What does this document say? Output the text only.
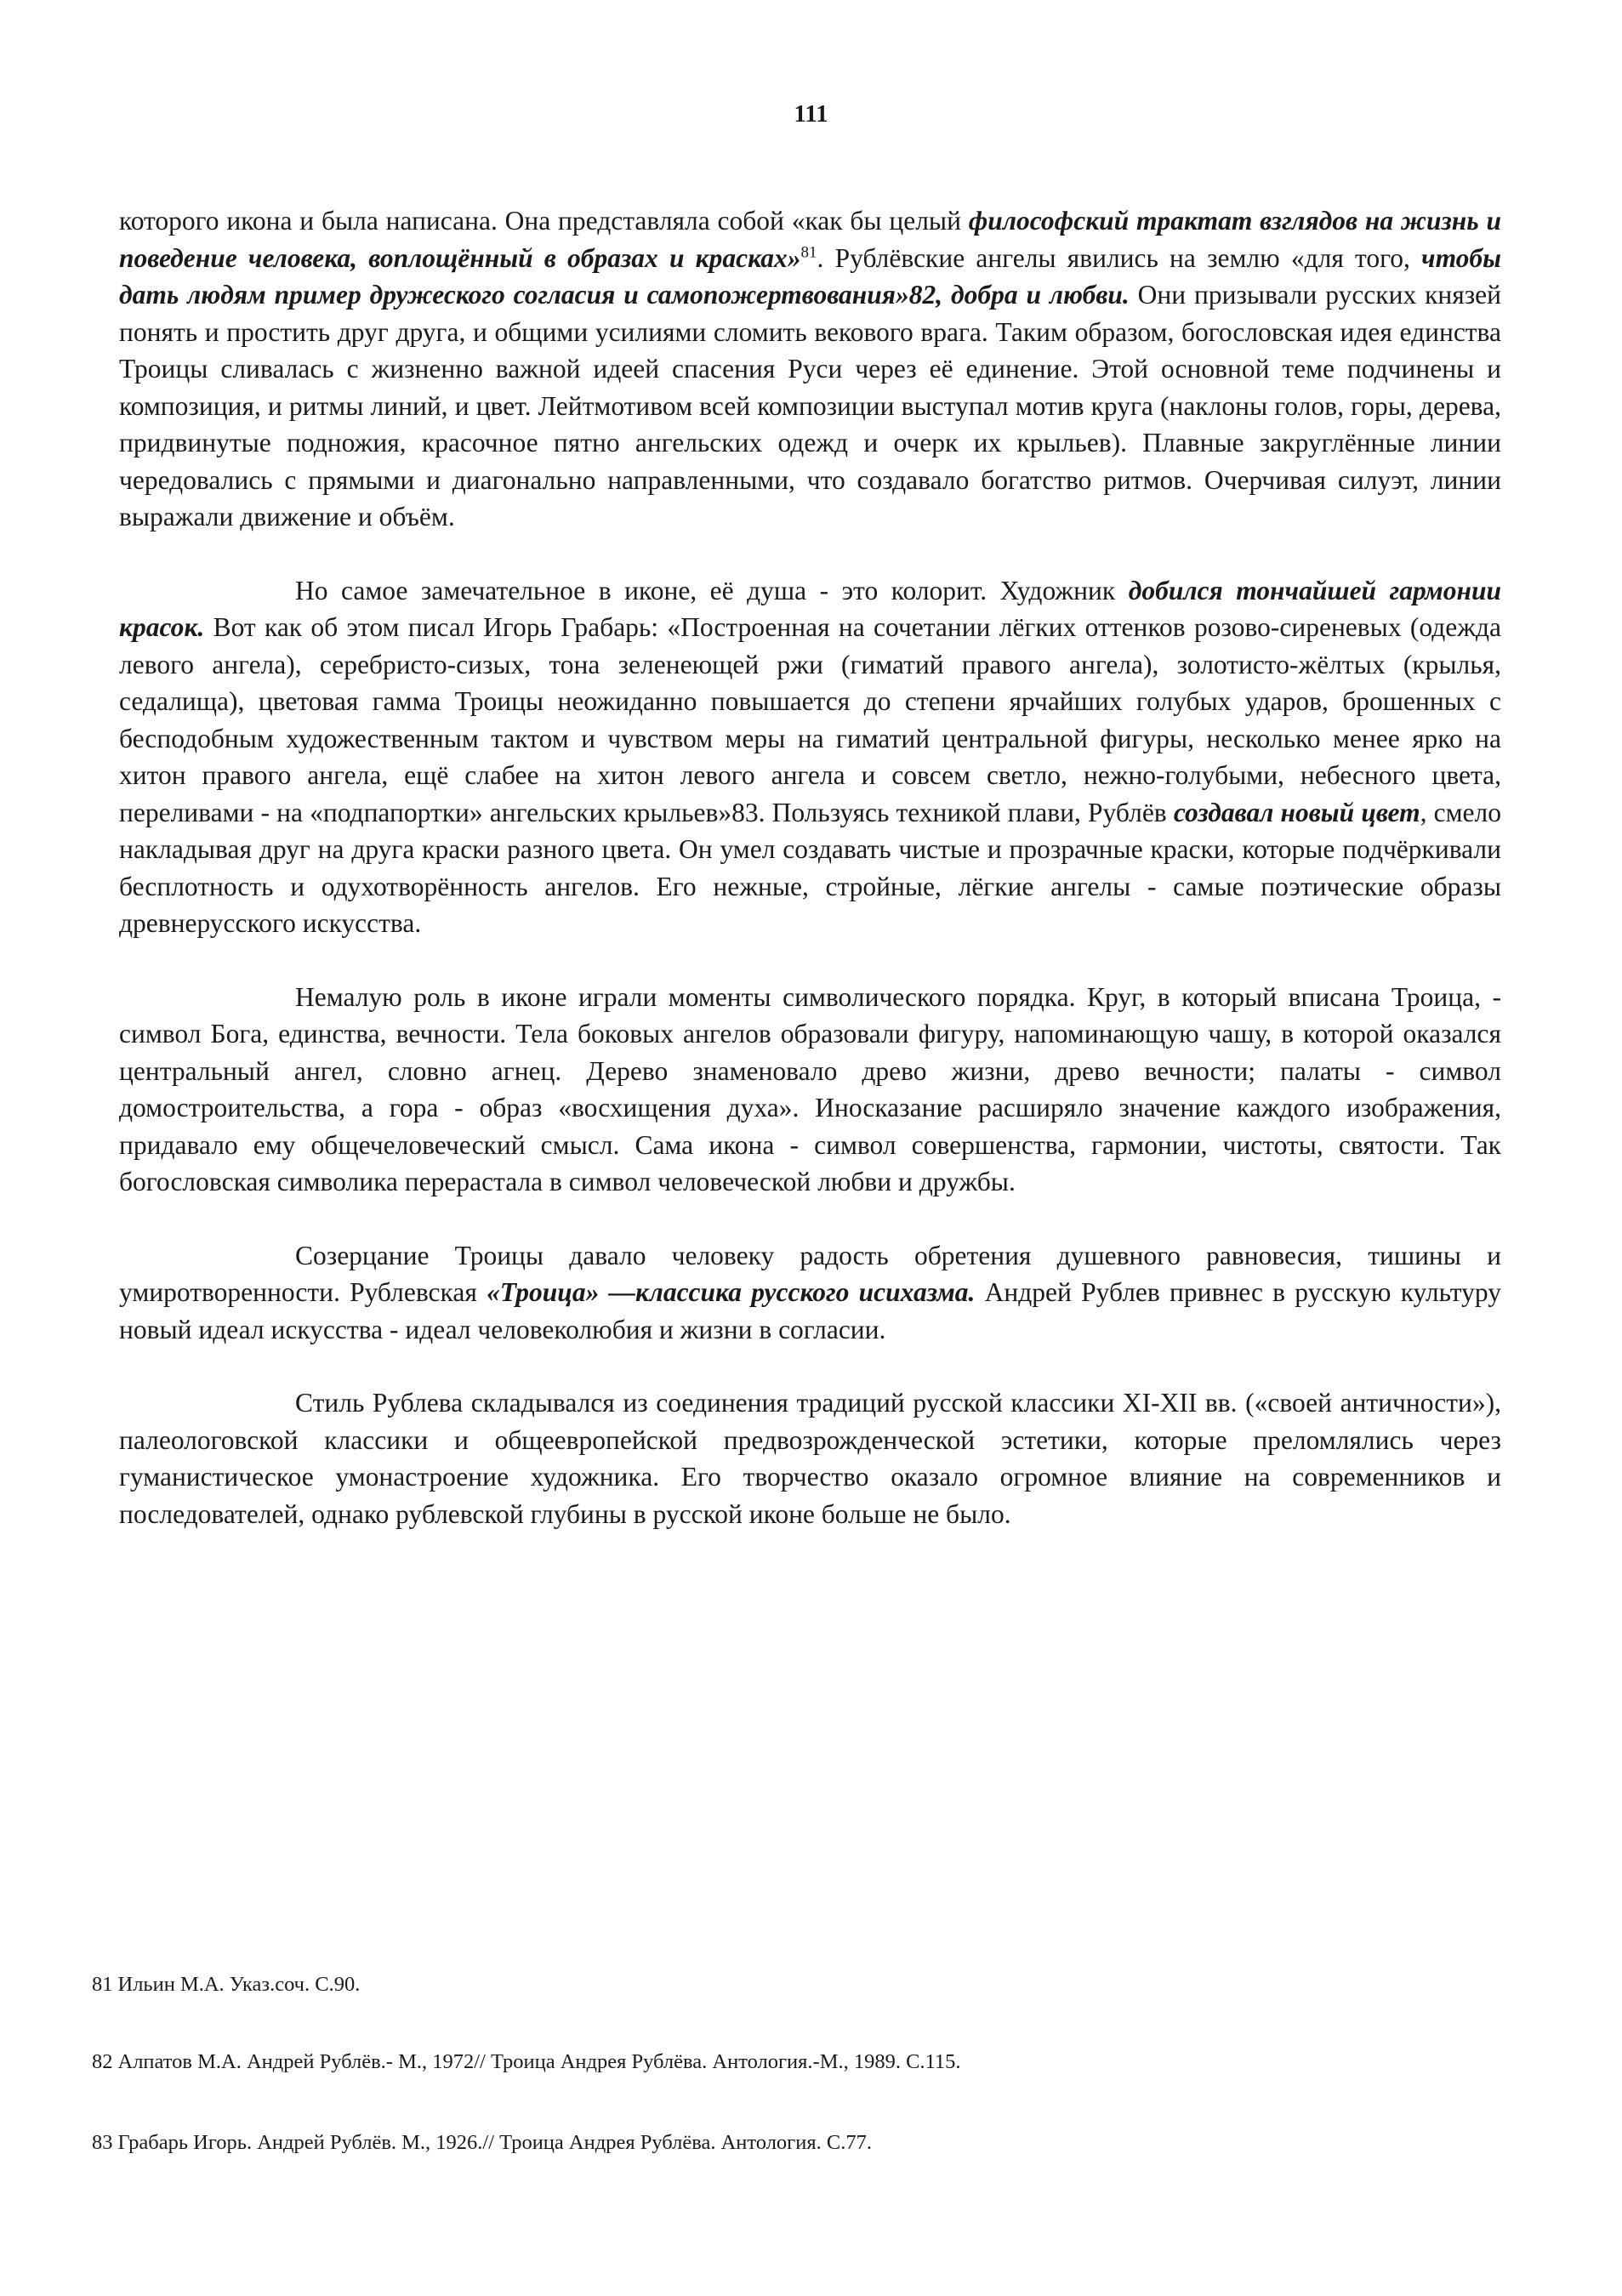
111

которого икона и была написана. Она представляла собой «как бы целый философский трактат взглядов на жизнь и поведение человека, воплощённый в образах и красках»$^{81}$. Рублёвские ангелы явились на землю «для того, чтобы дать людям пример дружеского согласия и самопожертвования»82, добра и любви. Они призывали русских князей понять и простить друг друга, и общими усилиями сломить векового врага. Таким образом, богословская идея единства Троицы сливалась с жизненно важной идеей спасения Руси через её единение. Этой основной теме подчинены и композиция, и ритмы линий, и цвет. Лейтмотивом всей композиции выступал мотив круга (наклоны голов, горы, дерева, придвинутые подножия, красочное пятно ангельских одежд и очерк их крыльев). Плавные закруглённые линии чередовались с прямыми и диагонально направленными, что создавало богатство ритмов. Очерчивая силуэт, линии выражали движение и объём.

Но самое замечательное в иконе, её душа - это колорит. Художник добился тончайшей гармонии красок. Вот как об этом писал Игорь Грабарь: «Построенная на сочетании лёгких оттенков розово-сиреневых (одежда левого ангела), серебристо-сизых, тона зеленеющей ржи (гиматий правого ангела), золотисто-жёлтых (крылья, седалища), цветовая гамма Троицы неожиданно повышается до степени ярчайших голубых ударов, брошенных с бесподобным художественным тактом и чувством меры на гиматий центральной фигуры, несколько менее ярко на хитон правого ангела, ещё слабее на хитон левого ангела и совсем светло, нежно-голубыми, небесного цвета, переливами - на «подпапортки» ангельских крыльев»83. Пользуясь техникой плави, Рублёв создавал новый цвет, смело накладывая друг на друга краски разного цвета. Он умел создавать чистые и прозрачные краски, которые подчёркивали бесплотность и одухотворённость ангелов. Его нежные, стройные, лёгкие ангелы - самые поэтические образы древнерусского искусства.

Немалую роль в иконе играли моменты символического порядка. Круг, в который вписана Троица, - символ Бога, единства, вечности. Тела боковых ангелов образовали фигуру, напоминающую чашу, в которой оказался центральный ангел, словно агнец. Дерево знаменовало древо жизни, древо вечности; палаты - символ домостроительства, а гора - образ «восхищения духа». Иносказание расширяло значение каждого изображения, придавало ему общечеловеческий смысл. Сама икона - символ совершенства, гармонии, чистоты, святости. Так богословская символика перерастала в символ человеческой любви и дружбы.

Созерцание Троицы давало человеку радость обретения душевного равновесия, тишины и умиротворенности. Рублевская «Троица» —классика русского исихазма. Андрей Рублев привнес в русскую культуру новый идеал искусства - идеал человеколюбия и жизни в согласии.

Стиль Рублева складывался из соединения традиций русской классики XI-XII вв. («своей античности»), палеологовской классики и общеевропейской предвозрожденческой эстетики, которые преломлялись через гуманистическое умонастроение художника. Его творчество оказало огромное влияние на современников и последователей, однако рублевской глубины в русской иконе больше не было.

81 Ильин М.А. Указ.соч. С.90.

82 Алпатов М.А. Андрей Рублёв.- М., 1972// Троица Андрея Рублёва. Антология.-М., 1989. С.115.

83 Грабарь Игорь. Андрей Рублёв. М., 1926.// Троица Андрея Рублёва. Антология. С.77.
